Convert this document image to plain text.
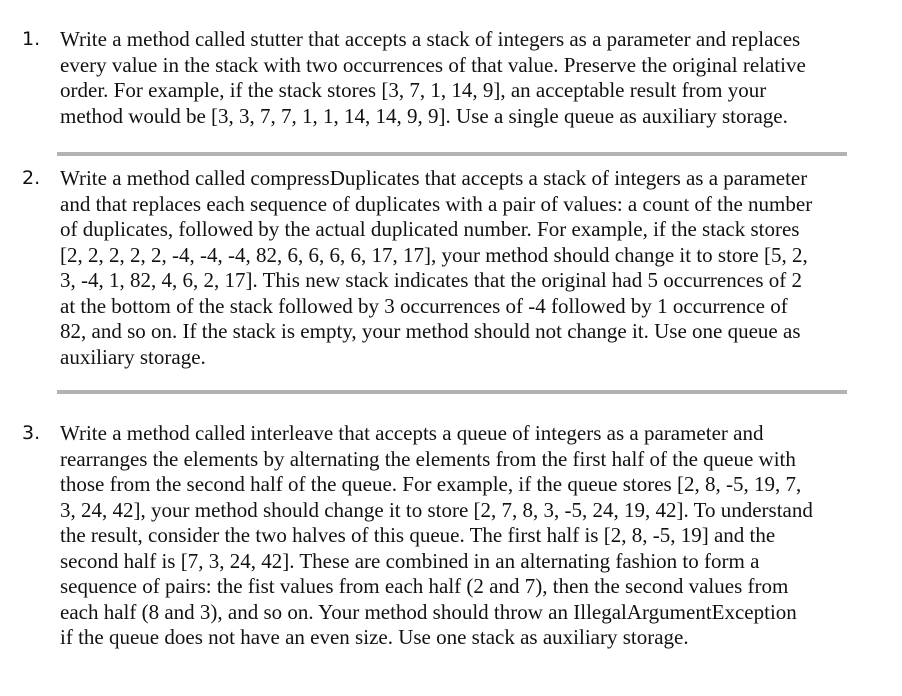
1. Write a method called stutter that accepts a stack of integers as a parameter and replaces
every value in the stack with two occurrences of that value. Preserve the original relative
order. For example, if the stack stores [3, 7, 1, 14, 9], an acceptable result from your
method would be [3, 3, 7, 7, 1, 1, 14, 14, 9, 9]. Use a single queue as auxiliary storage.
2. Write a method called compressDuplicates that accepts a stack of integers as a parameter
and that replaces each sequence of duplicates with a pair of values: a count of the number
of duplicates, followed by the actual duplicated number. For example, if the stack stores
[2, 2, 2, 2, 2, -4, -4, -4, 82, 6, 6, 6, 6, 17, 17], your method should change it to store [5, 2,
3, -4, 1, 82, 4, 6, 2, 17]. This new stack indicates that the original had 5 occurrences of 2
at the bottom of the stack followed by 3 occurrences of -4 followed by 1 occurrence of
82, and so on. If the stack is empty, your method should not change it. Use one queue as
auxiliary storage.
3. Write a method called interleave that accepts a queue of integers as a parameter and
rearranges the elements by alternating the elements from the first half of the queue with
those from the second half of the queue. For example, if the queue stores [2, 8, -5, 19, 7,
3, 24, 42], your method should change it to store [2, 7, 8, 3, -5, 24, 19, 42]. To understand
the result, consider the two halves of this queue. The first half is [2, 8, -5, 19] and the
second half is [7, 3, 24, 42]. These are combined in an alternating fashion to form a
sequence of pairs: the fist values from each half (2 and 7), then the second values from
each half (8 and 3), and so on. Your method should throw an IllegalArgumentException
if the queue does not have an even size. Use one stack as auxiliary storage.
